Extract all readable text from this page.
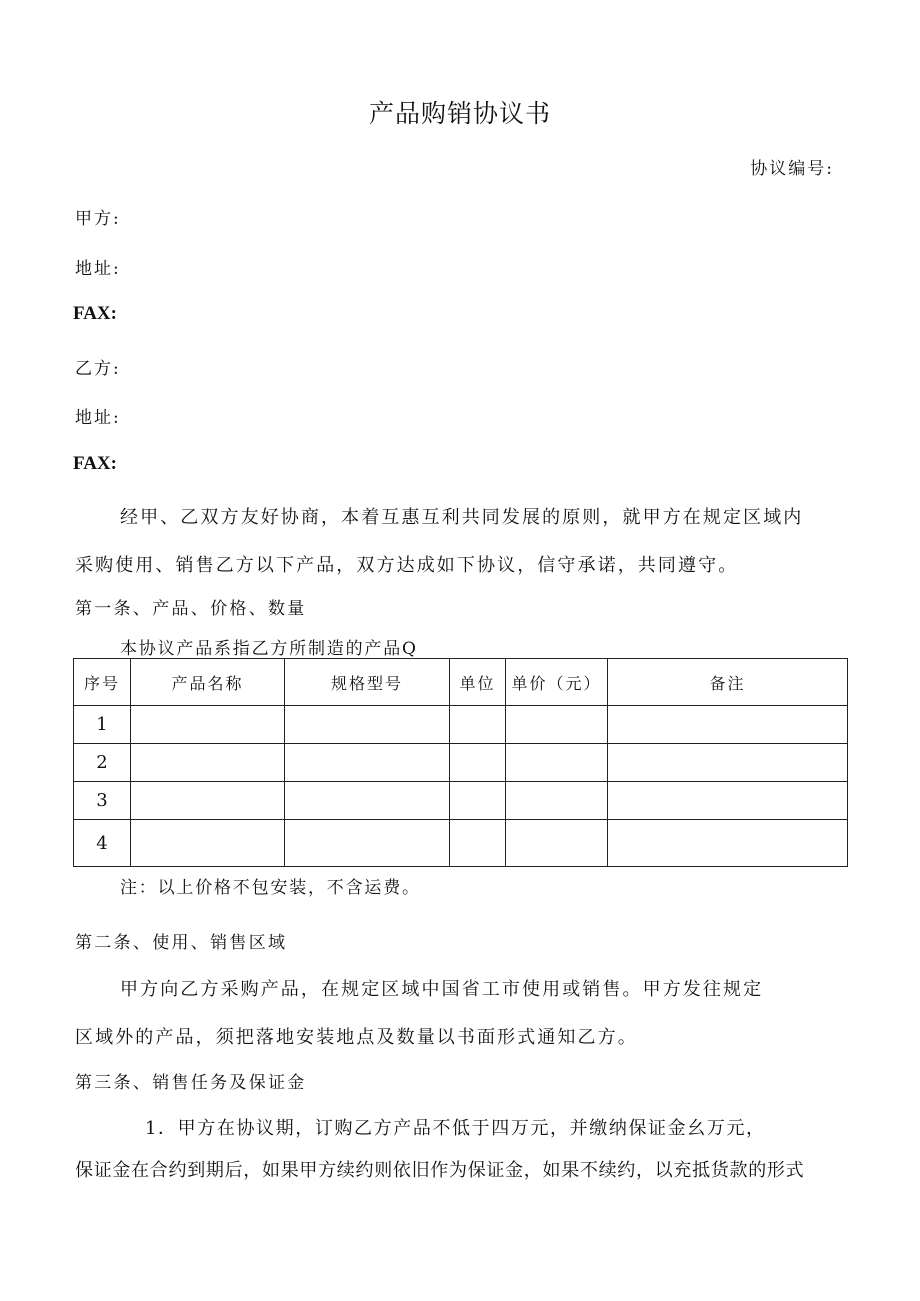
产品购销协议书
协议编号:
甲方:
地址:
FAX:
乙方:
地址:
FAX:
经甲、乙双方友好协商，本着互惠互利共同发展的原则，就甲方在规定区域内
采购使用、销售乙方以下产品，双方达成如下协议，信守承诺，共同遵守。
第一条、产品、价格、数量
本协议产品系指乙方所制造的产品Q
序号	产品名称	规格型号	单位	单价（元）	备注
1					
2					
3					
4					
注：以上价格不包安装，不含运费。
第二条、使用、销售区域
甲方向乙方采购产品，在规定区域中国省工市使用或销售。甲方发往规定
区域外的产品，须把落地安装地点及数量以书面形式通知乙方。
第三条、销售任务及保证金
1．甲方在协议期，订购乙方产品不低于四万元，并缴纳保证金幺万元，
保证金在合约到期后，如果甲方续约则依旧作为保证金，如果不续约，以充抵货款的形式
